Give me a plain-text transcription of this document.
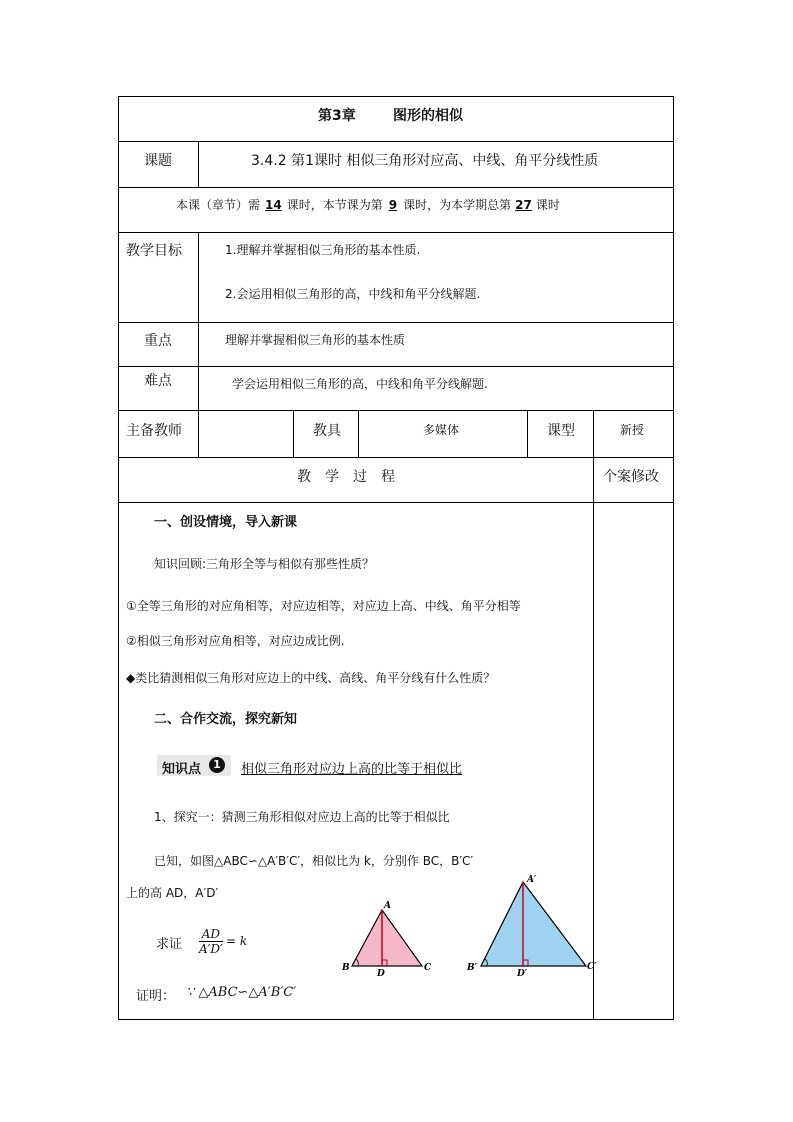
第3章	图形的相似
课题	3.4.2 第1课时 相似三角形对应高、中线、角平分线性质
本课（章节）需 14 课时，本节课为第 9 课时，为本学期总第 27 课时
教学目标	1.理解并掌握相似三角形的基本性质.
2.会运用相似三角形的高，中线和角平分线解题.
重点	理解并掌握相似三角形的基本性质
难点	学会运用相似三角形的高，中线和角平分线解题.
主备教师	教具	多媒体	课型	新授
教　学　过　程	个案修改
一、创设情境，导入新课
知识回顾:三角形全等与相似有那些性质？
①全等三角形的对应角相等，对应边相等，对应边上高、中线、角平分相等
②相似三角形对应角相等，对应边成比例.
◆类比猜测相似三角形对应边上的中线、高线、角平分线有什么性质？
二、合作交流，探究新知
知识点	1	相似三角形对应边上高的比等于相似比
1、探究一：猜测三角形相似对应边上高的比等于相似比
已知，如图△ABC∽△A′B′C′，相似比为 k，分别作 BC，B′C′
上的高 AD，A′D′
求证 $\frac{AD}{A'D'} = k$
证明： ∵ △ABC∽△A′B′C′
A
B	C
D
A′
B′	C′
D′
